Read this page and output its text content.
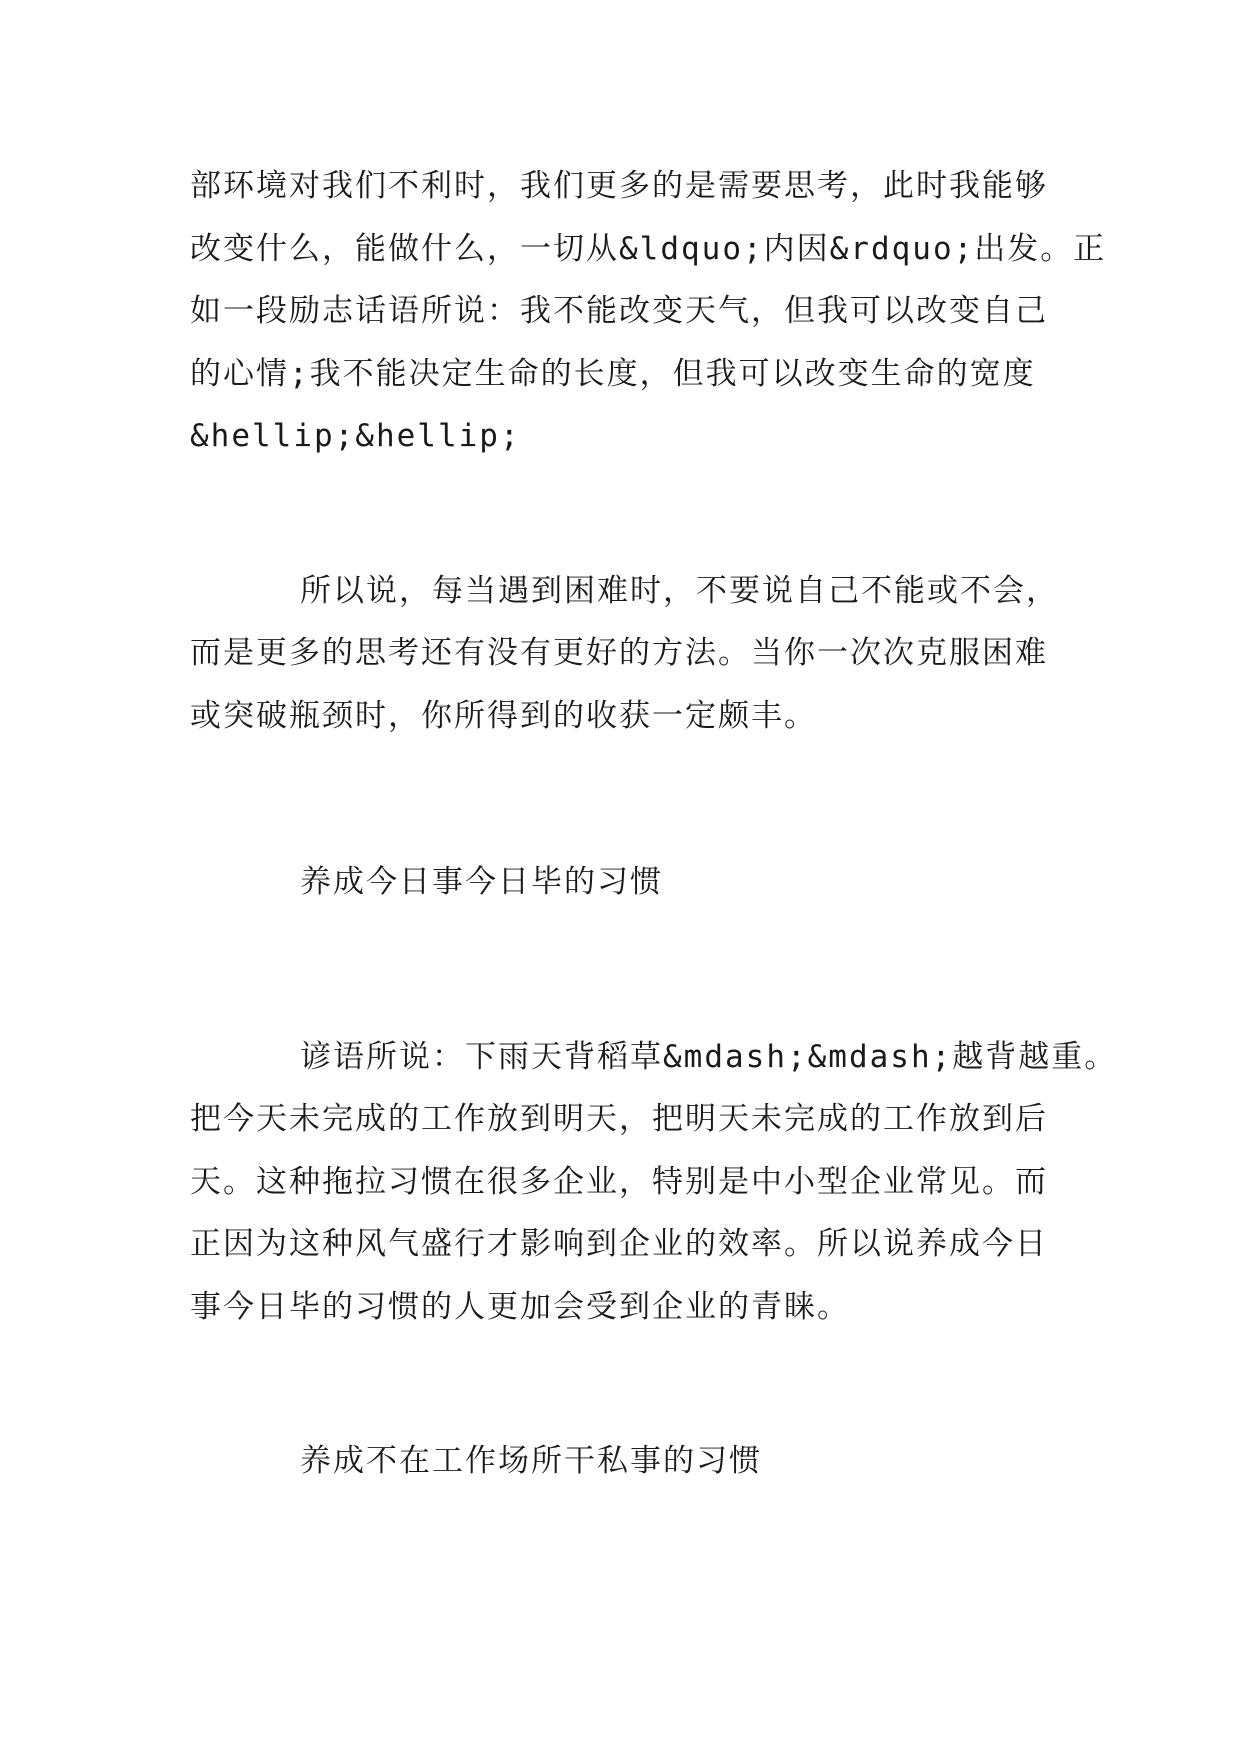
部环境对我们不利时，我们更多的是需要思考，此时我能够
改变什么，能做什么，一切从&ldquo;内因&rdquo;出发。正
如一段励志话语所说：我不能改变天气，但我可以改变自己
的心情;我不能决定生命的长度，但我可以改变生命的宽度
&hellip;&hellip;
所以说，每当遇到困难时，不要说自己不能或不会，
而是更多的思考还有没有更好的方法。当你一次次克服困难
或突破瓶颈时，你所得到的收获一定颇丰。
养成今日事今日毕的习惯
谚语所说：下雨天背稻草&mdash;&mdash;越背越重。
把今天未完成的工作放到明天，把明天未完成的工作放到后
天。这种拖拉习惯在很多企业，特别是中小型企业常见。而
正因为这种风气盛行才影响到企业的效率。所以说养成今日
事今日毕的习惯的人更加会受到企业的青睐。
养成不在工作场所干私事的习惯
